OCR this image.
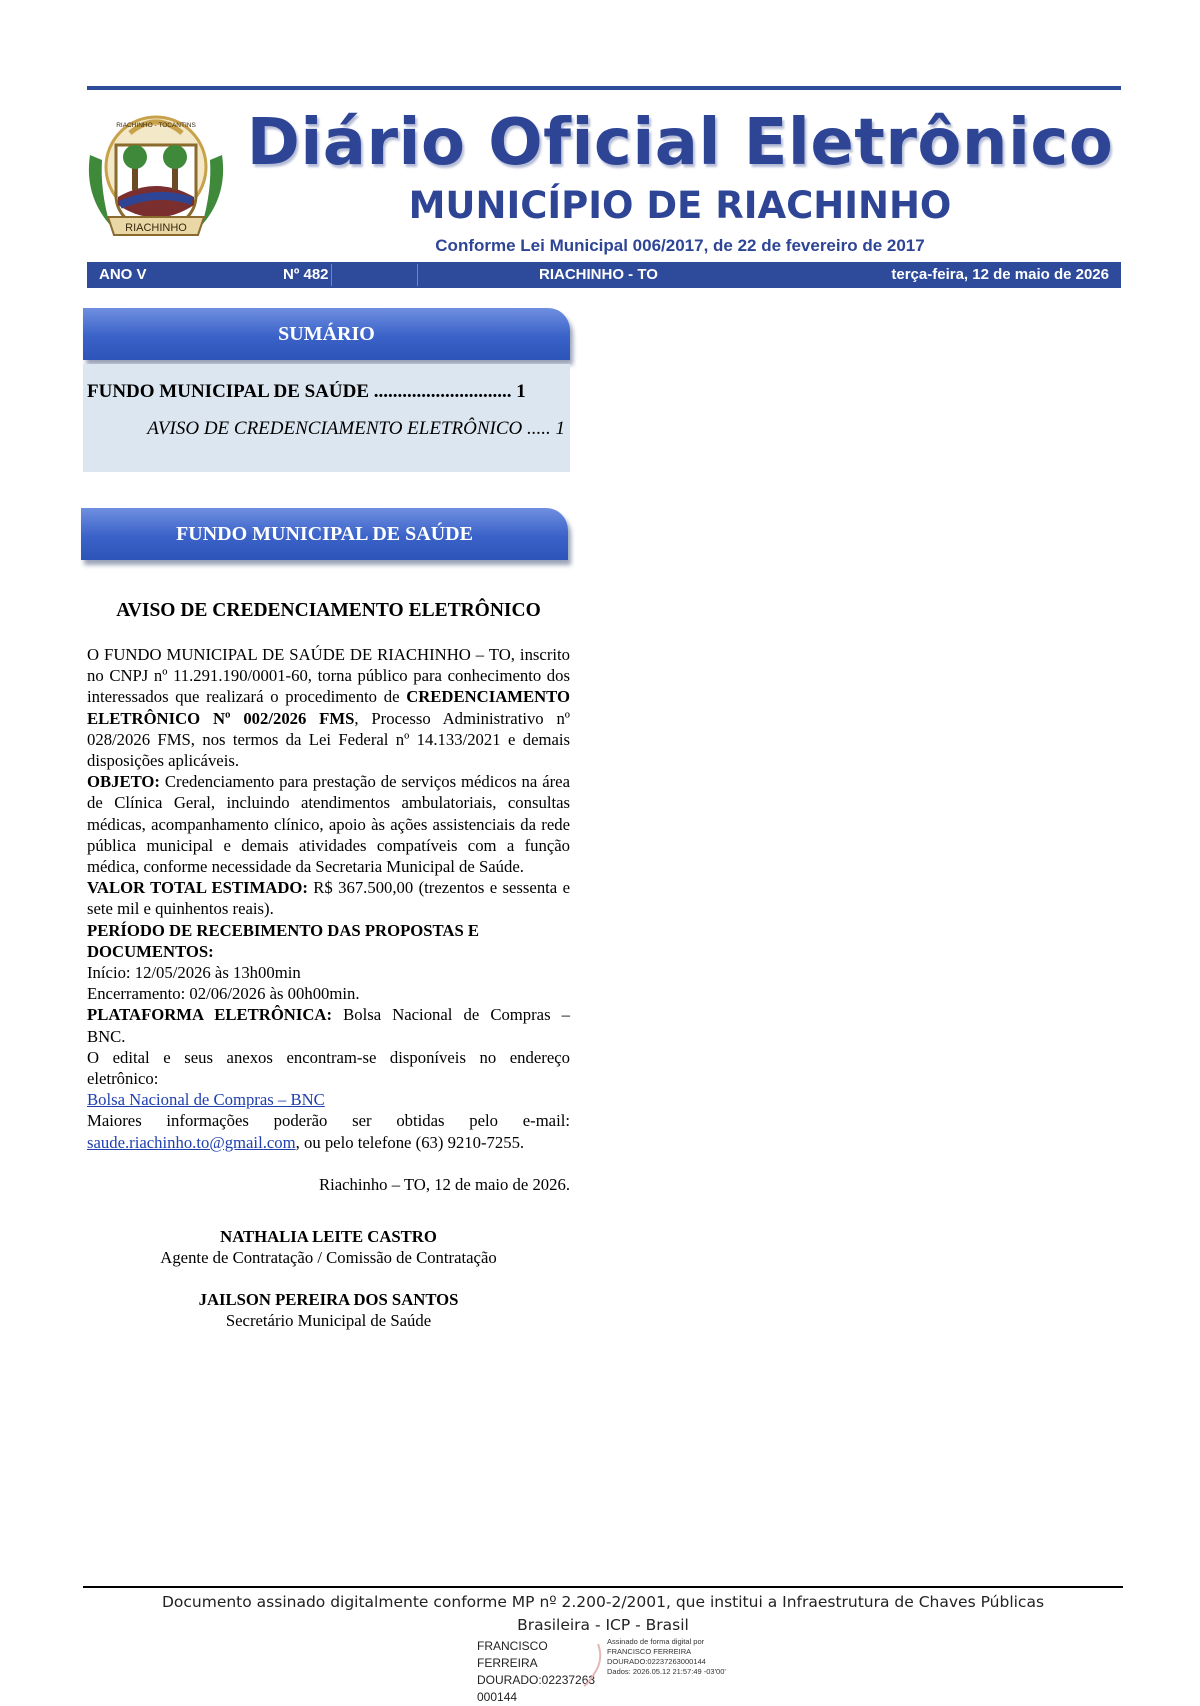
RIACHINHO
RIACHINHO - TOCANTINS Diário Oficial Eletrônico
MUNICÍPIO DE RIACHINHO
Conforme Lei Municipal 006/2017, de 22 de fevereiro de 2017
ANO V	Nº 482	RIACHINHO - TO	terça-feira, 12 de maio de 2026
SUMÁRIO
FUNDO MUNICIPAL DE SAÚDE ............................. 1
AVISO DE CREDENCIAMENTO ELETRÔNICO ..... 1
FUNDO MUNICIPAL DE SAÚDE
AVISO DE CREDENCIAMENTO ELETRÔNICO

O FUNDO MUNICIPAL DE SAÚDE DE RIACHINHO – TO, inscrito no CNPJ nº 11.291.190/0001-60, torna público para conhecimento dos interessados que realizará o procedimento de CREDENCIAMENTO ELETRÔNICO Nº 002/2026 FMS, Processo Administrativo nº 028/2026 FMS, nos termos da Lei Federal nº 14.133/2021 e demais disposições aplicáveis.

OBJETO: Credenciamento para prestação de serviços médicos na área de Clínica Geral, incluindo atendimentos ambulatoriais, consultas médicas, acompanhamento clínico, apoio às ações assistenciais da rede pública municipal e demais atividades compatíveis com a função médica, conforme necessidade da Secretaria Municipal de Saúde.

VALOR TOTAL ESTIMADO: R$ 367.500,00 (trezentos e sessenta e sete mil e quinhentos reais).

PERÍODO DE RECEBIMENTO DAS PROPOSTAS E DOCUMENTOS:

Início: 12/05/2026 às 13h00min

Encerramento: 02/06/2026 às 00h00min.

PLATAFORMA ELETRÔNICA: Bolsa Nacional de Compras – BNC.

O edital e seus anexos encontram-se disponíveis no endereço eletrônico:

Bolsa Nacional de Compras – BNC

Maiores informações poderão ser obtidas pelo e-mail: saude.riachinho.to@gmail.com, ou pelo telefone (63) 9210-7255.

Riachinho – TO, 12 de maio de 2026.

NATHALIA LEITE CASTRO
Agente de Contratação / Comissão de Contratação
JAILSON PEREIRA DOS SANTOS
Secretário Municipal de Saúde
Documento assinado digitalmente conforme MP nº 2.200-2/2001, que institui a Infraestrutura de Chaves Públicas
Brasileira - ICP - Brasil
FRANCISCO FERREIRA
DOURADO:02237263
000144
Assinado de forma digital por
FRANCISCO FERREIRA
DOURADO:02237263000144
Dados: 2026.05.12 21:57:49 -03'00'
